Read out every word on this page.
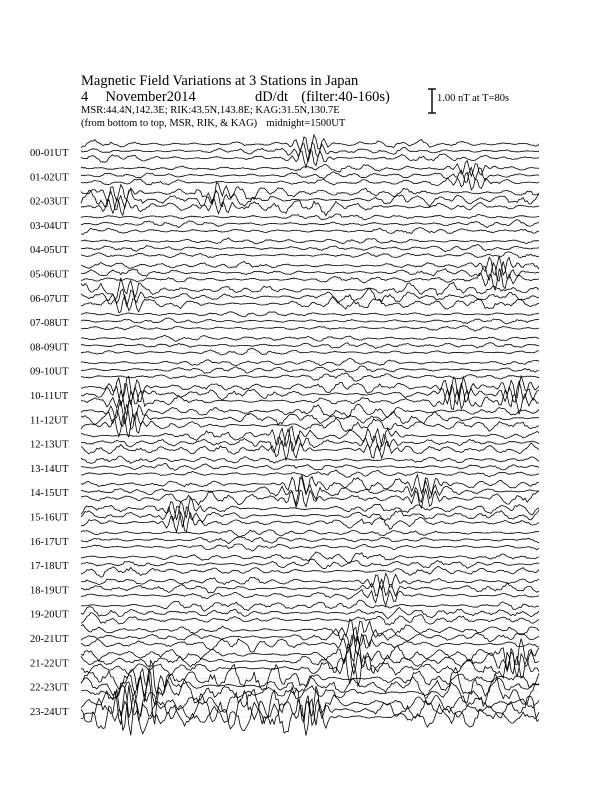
Magnetic Field Variations at 3 Stations in Japan
4 November2014	dD/dt (filter:40-160s)
MSR:44.4N,142.3E; RIK:43.5N,143.8E; KAG:31.5N,130.7E
(from bottom to top, MSR, RIK, & KAG) midnight=1500UT
1.00 nT at T=80s
00-01UT
01-02UT
02-03UT
03-04UT
04-05UT
05-06UT
06-07UT
07-08UT
08-09UT
09-10UT
10-11UT
11-12UT
12-13UT
13-14UT
14-15UT
15-16UT
16-17UT
17-18UT
18-19UT
19-20UT
20-21UT
21-22UT
22-23UT
23-24UT
